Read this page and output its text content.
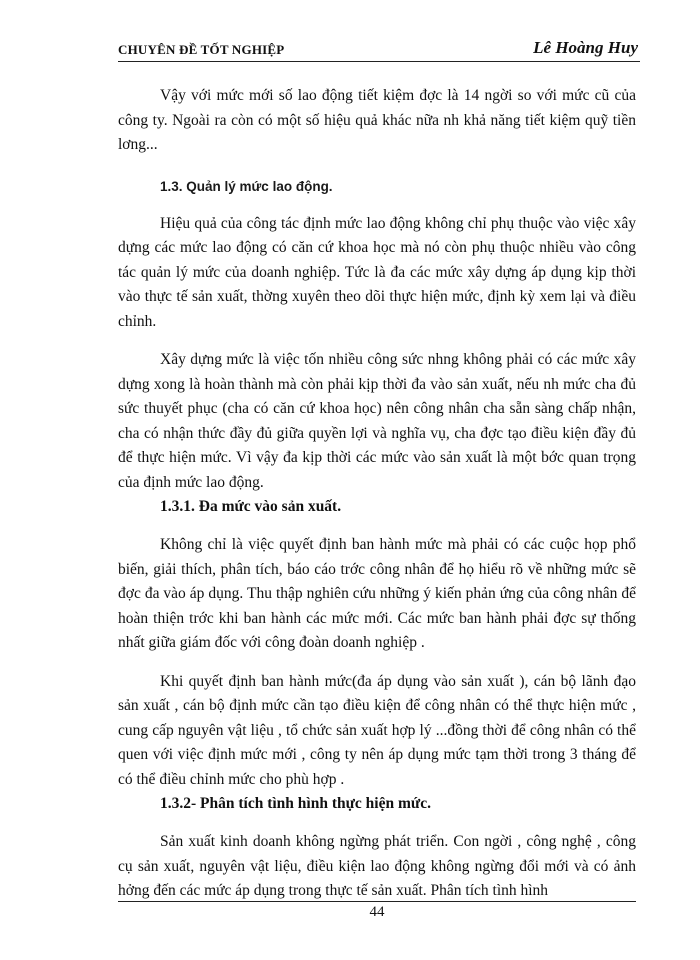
CHUYÊN ĐỀ TỐT NGHIỆP	Lê Hoàng Huy

Vậy với mức mới số lao động tiết kiệm đợc là 14 ngời so với mức cũ của công ty. Ngoài ra còn có một số hiệu quả khác nữa nh khả năng tiết kiệm quỹ tiền lơng...

1.3. Quản lý mức lao động.

Hiệu quả của công tác định mức lao động không chỉ phụ thuộc vào việc xây dựng các mức lao động có căn cứ khoa học mà nó còn phụ thuộc nhiều vào công tác quản lý mức của doanh nghiệp. Tức là đa các mức xây dựng áp dụng kịp thời vào thực tế sản xuất, thờng xuyên theo dõi thực hiện mức, định kỳ xem lại và điều chỉnh.

Xây dựng mức là việc tốn nhiều công sức nhng không phải có các mức xây dựng xong là hoàn thành mà còn phải kịp thời đa vào sản xuất, nếu nh mức cha đủ sức thuyết phục (cha có căn cứ khoa học) nên công nhân cha sẵn sàng chấp nhận, cha có nhận thức đầy đủ giữa quyền lợi và nghĩa vụ, cha đợc tạo điều kiện đầy đủ để thực hiện mức. Vì vậy đa kịp thời các mức vào sản xuất là một bớc quan trọng của định mức lao động.

1.3.1. Đa mức vào sản xuất.

Không chỉ là việc quyết định ban hành mức mà phải có các cuộc họp phổ biến, giải thích, phân tích, báo cáo trớc công nhân để họ hiểu rõ về những mức sẽ đợc đa vào áp dụng. Thu thập nghiên cứu những ý kiến phản ứng của công nhân để hoàn thiện trớc khi ban hành các mức mới. Các mức ban hành phải đợc sự thống nhất giữa giám đốc với công đoàn doanh nghiệp .

Khi quyết định ban hành mức(đa áp dụng vào sản xuất ), cán bộ lãnh đạo sản xuất , cán bộ định mức cần tạo điều kiện để công nhân có thể thực hiện mức , cung cấp nguyên vật liệu , tổ chức sản xuất hợp lý ...đồng thời để công nhân có thể quen với việc định mức mới , công ty nên áp dụng mức tạm thời trong 3 tháng để có thể điều chỉnh mức cho phù hợp .

1.3.2- Phân tích tình hình thực hiện mức.

Sản xuất kinh doanh không ngừng phát triển. Con ngời , công nghệ , công cụ sản xuất, nguyên vật liệu, điều kiện lao động không ngừng đổi mới và có ảnh hởng đến các mức áp dụng trong thực tế sản xuất. Phân tích tình hình

44
